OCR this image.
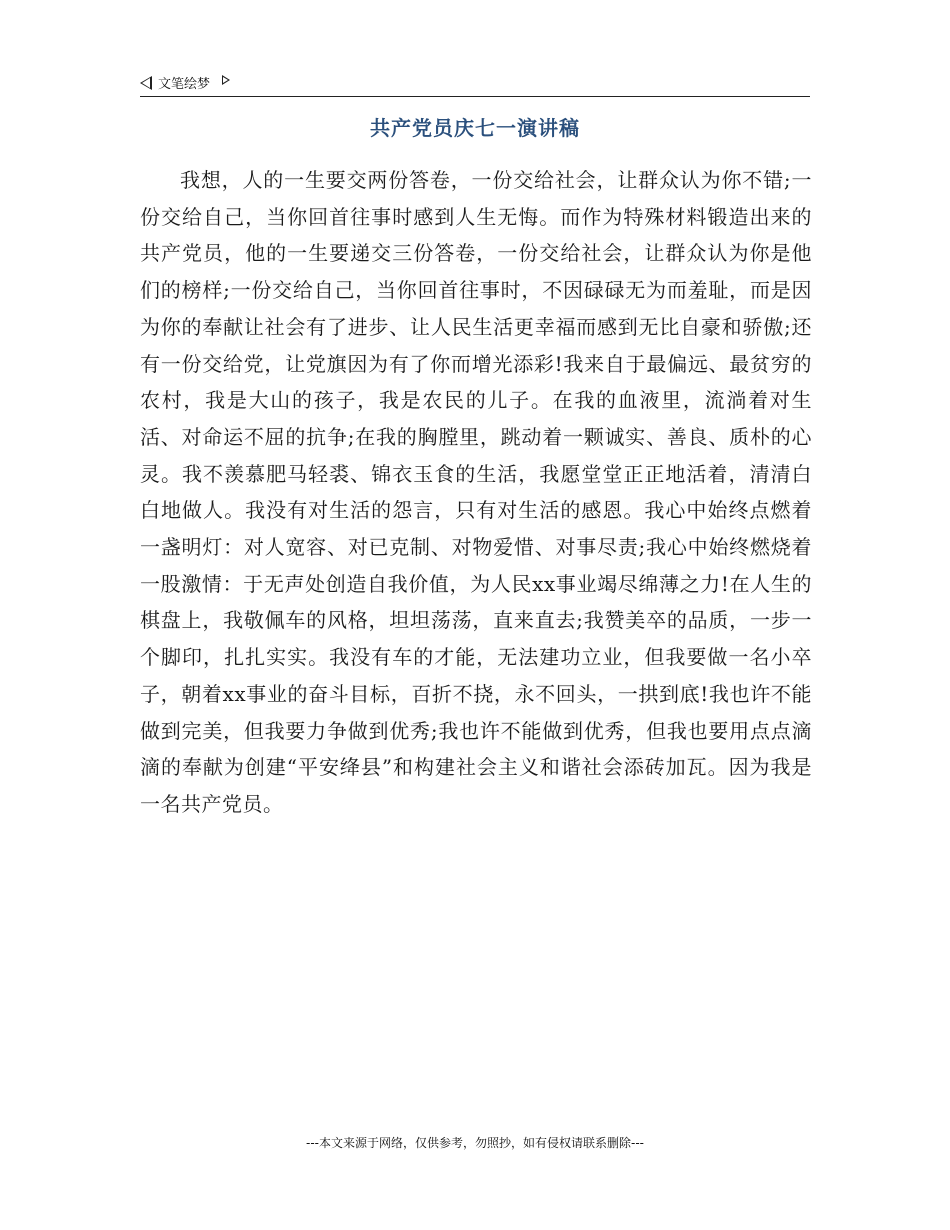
文笔绘梦
共产党员庆七一演讲稿

我想，人的一生要交两份答卷，一份交给社会，让群众认为你不错;一份交给自己，当你回首往事时感到人生无悔。而作为特殊材料锻造出来的共产党员，他的一生要递交三份答卷，一份交给社会，让群众认为你是他们的榜样;一份交给自己，当你回首往事时，不因碌碌无为而羞耻，而是因为你的奉献让社会有了进步、让人民生活更幸福而感到无比自豪和骄傲;还有一份交给党，让党旗因为有了你而增光添彩!我来自于最偏远、最贫穷的农村，我是大山的孩子，我是农民的儿子。在我的血液里，流淌着对生活、对命运不屈的抗争;在我的胸膛里，跳动着一颗诚实、善良、质朴的心灵。我不羡慕肥马轻裘、锦衣玉食的生活，我愿堂堂正正地活着，清清白白地做人。我没有对生活的怨言，只有对生活的感恩。我心中始终点燃着一盏明灯：对人宽容、对已克制、对物爱惜、对事尽责;我心中始终燃烧着一股激情：于无声处创造自我价值，为人民xx事业竭尽绵薄之力!在人生的棋盘上，我敬佩车的风格，坦坦荡荡，直来直去;我赞美卒的品质，一步一个脚印，扎扎实实。我没有车的才能，无法建功立业，但我要做一名小卒子，朝着xx事业的奋斗目标，百折不挠，永不回头，一拱到底!我也许不能做到完美，但我要力争做到优秀;我也许不能做到优秀，但我也要用点点滴滴的奉献为创建“平安绛县”和构建社会主义和谐社会添砖加瓦。因为我是一名共产党员。

---本文来源于网络，仅供参考，勿照抄，如有侵权请联系删除---
